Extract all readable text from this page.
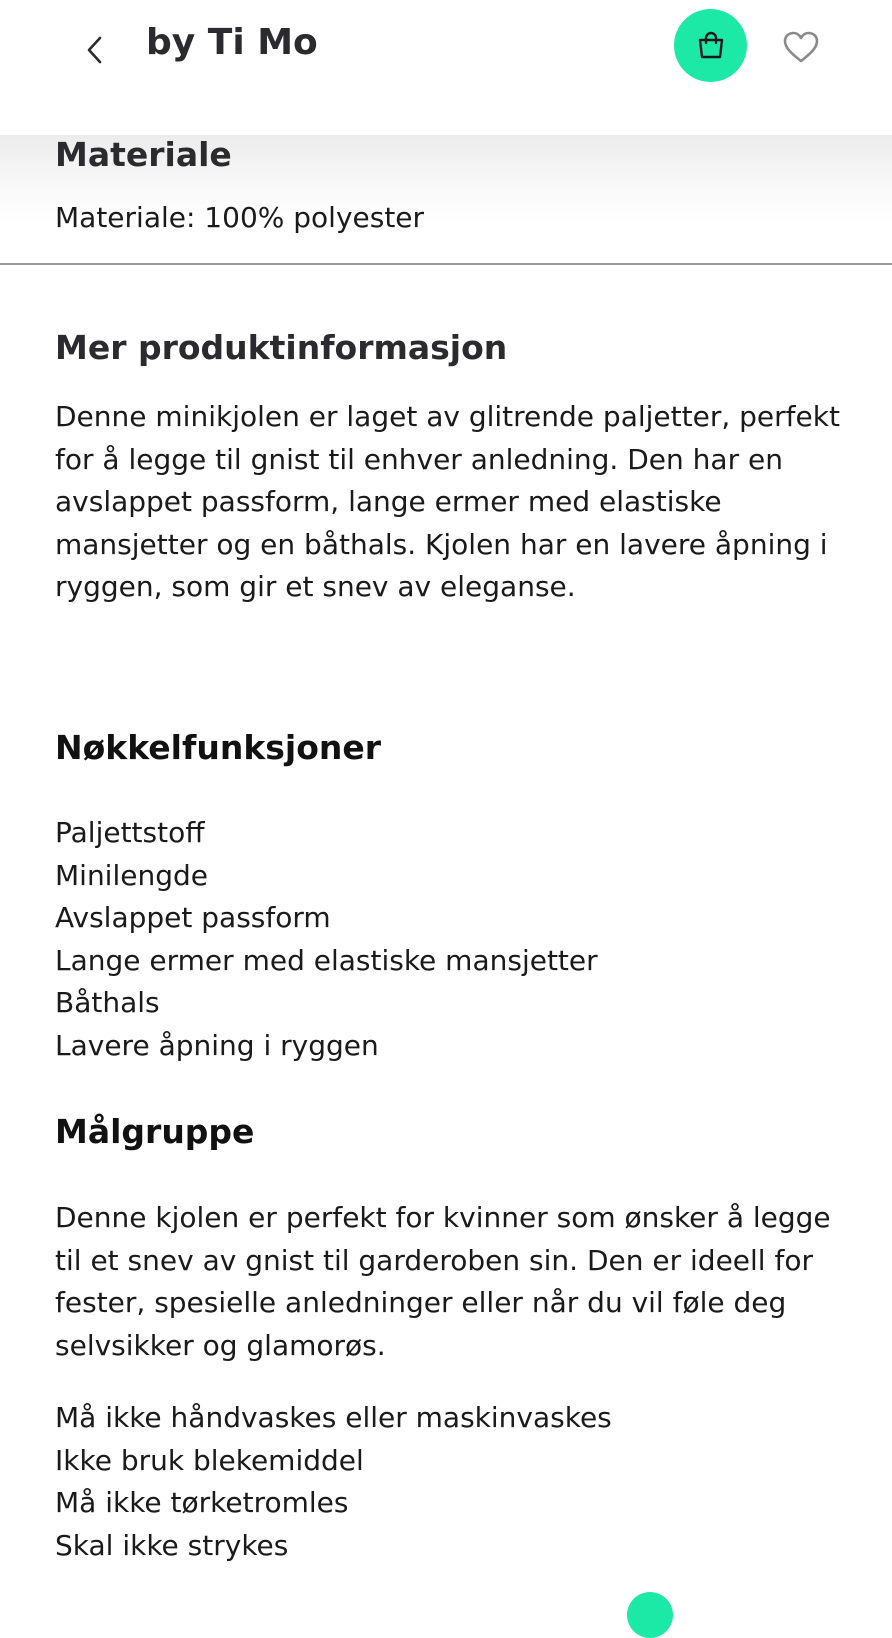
by Ti Mo
Materiale
Materiale: 100% polyester
Mer produktinformasjon
Denne minikjolen er laget av glitrende paljetter, perfekt for å legge til gnist til enhver anledning. Den har en avslappet passform, lange ermer med elastiske mansjetter og en båthals. Kjolen har en lavere åpning i ryggen, som gir et snev av eleganse.
Nøkkelfunksjoner
Paljettstoff
Minilengde
Avslappet passform
Lange ermer med elastiske mansjetter
Båthals
Lavere åpning i ryggen
Målgruppe
Denne kjolen er perfekt for kvinner som ønsker å legge til et snev av gnist til garderoben sin. Den er ideell for fester, spesielle anledninger eller når du vil føle deg selvsikker og glamorøs.
Må ikke håndvaskes eller maskinvaskes
Ikke bruk blekemiddel
Må ikke tørketromles
Skal ikke strykes
